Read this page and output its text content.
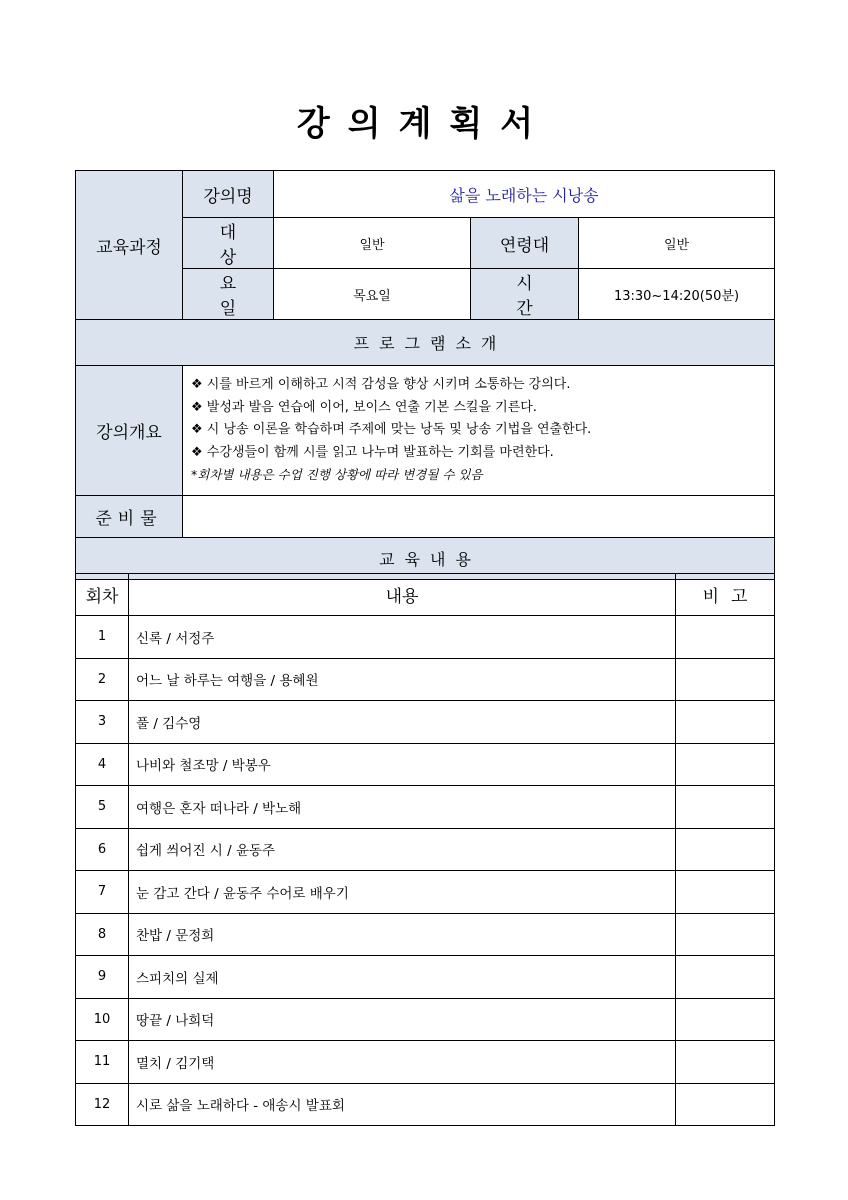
강의계획서
교육과정	강의명	삶을 노래하는 시낭송		
	대 상	일반	연령대	일반
	요 일	목요일	시 간	13:30~14:20(50분)
프로그램소개				
강의개요	❖ 시를 바르게 이해하고 시적 감성을 향상 시키며 소통하는 강의다.
❖ 발성과 발음 연습에 이어, 보이스 연출 기본 스킬을 기른다.
❖ 시 낭송 이론을 학습하며 주제에 맞는 낭독 및 낭송 기법을 연출한다.
❖ 수강생들이 함께 시를 읽고 나누며 발표하는 기회를 마련한다.
*회차별 내용은 수업 진행 상황에 따라 변경될 수 있음			

준비물				
교육내용				
회차	내용	비고
1	신록 / 서정주	
2	어느 날 하루는 여행을 / 용혜원	
3	풀 / 김수영	
4	나비와 철조망 / 박봉우	
5	여행은 혼자 떠나라 / 박노해	
6	쉽게 씌어진 시 / 윤동주	
7	눈 감고 간다 / 윤동주 수어로 배우기	
8	찬밥 / 문정희	
9	스피치의 실제	
10	땅끝 / 나희덕	
11	멸치 / 김기택	
12	시로 삶을 노래하다 - 애송시 발표회	
